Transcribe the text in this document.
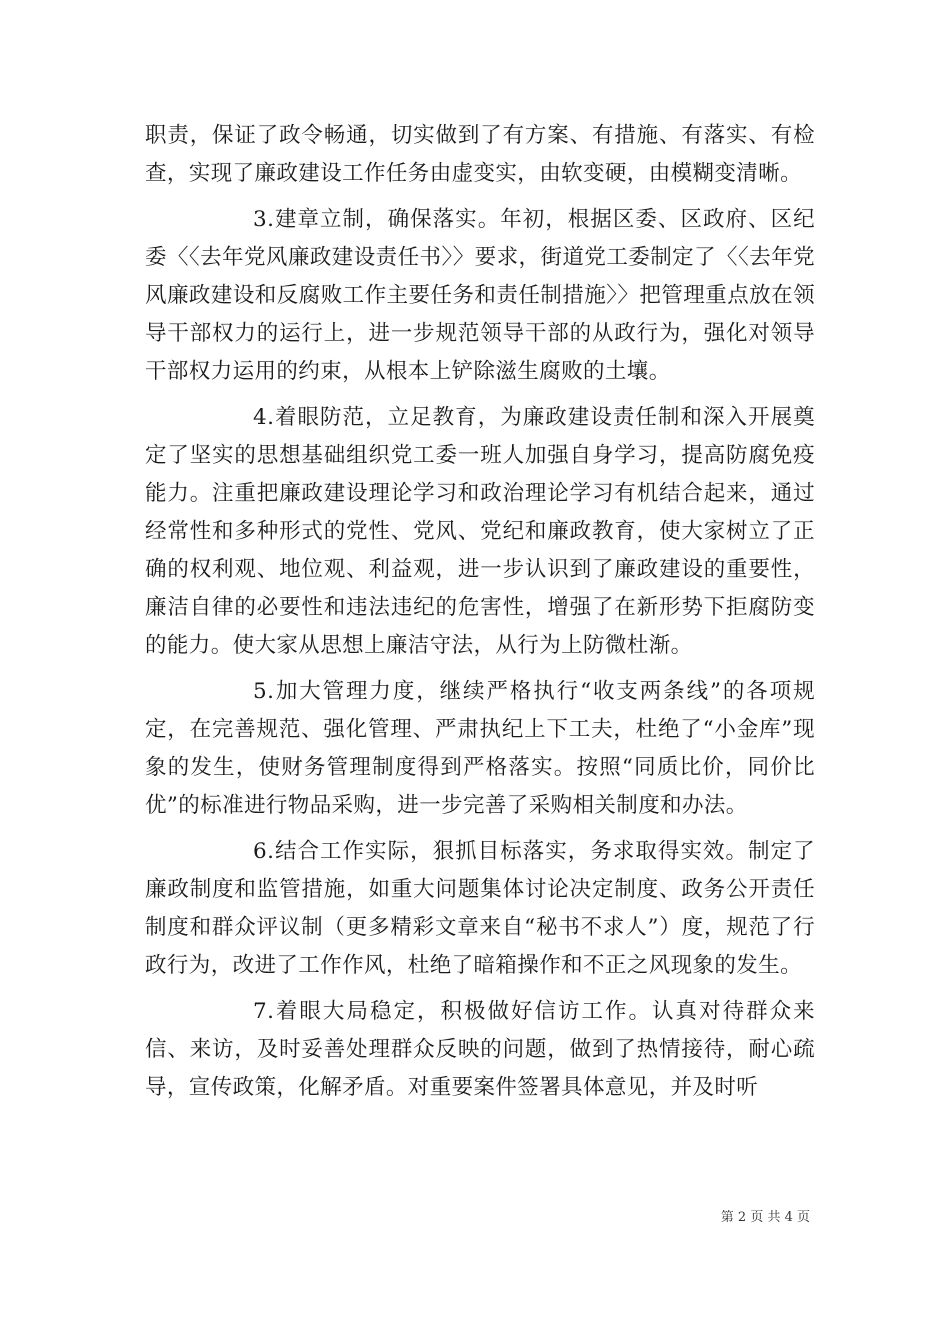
职责，保证了政令畅通，切实做到了有方案、有措施、有落实、有检查，实现了廉政建设工作任务由虚变实，由软变硬，由模糊变清晰。

3.建章立制，确保落实。年初，根据区委、区政府、区纪委〈〈去年党风廉政建设责任书〉〉要求，街道党工委制定了〈〈去年党风廉政建设和反腐败工作主要任务和责任制措施〉〉把管理重点放在领导干部权力的运行上，进一步规范领导干部的从政行为，强化对领导干部权力运用的约束，从根本上铲除滋生腐败的土壤。

4.着眼防范，立足教育，为廉政建设责任制和深入开展奠定了坚实的思想基础组织党工委一班人加强自身学习，提高防腐免疫能力。注重把廉政建设理论学习和政治理论学习有机结合起来，通过经常性和多种形式的党性、党风、党纪和廉政教育，使大家树立了正确的权利观、地位观、利益观，进一步认识到了廉政建设的重要性，廉洁自律的必要性和违法违纪的危害性，增强了在新形势下拒腐防变的能力。使大家从思想上廉洁守法，从行为上防微杜渐。

5.加大管理力度，继续严格执行“收支两条线”的各项规定，在完善规范、强化管理、严肃执纪上下工夫，杜绝了“小金库”现象的发生，使财务管理制度得到严格落实。按照“同质比价，同价比优”的标准进行物品采购，进一步完善了采购相关制度和办法。

6.结合工作实际，狠抓目标落实，务求取得实效。制定了廉政制度和监管措施，如重大问题集体讨论决定制度、政务公开责任制度和群众评议制（更多精彩文章来自“秘书不求人”）度，规范了行政行为，改进了工作作风，杜绝了暗箱操作和不正之风现象的发生。

7.着眼大局稳定，积极做好信访工作。认真对待群众来信、来访，及时妥善处理群众反映的问题，做到了热情接待，耐心疏导，宣传政策，化解矛盾。对重要案件签署具体意见，并及时听

第 2 页 共 4 页
